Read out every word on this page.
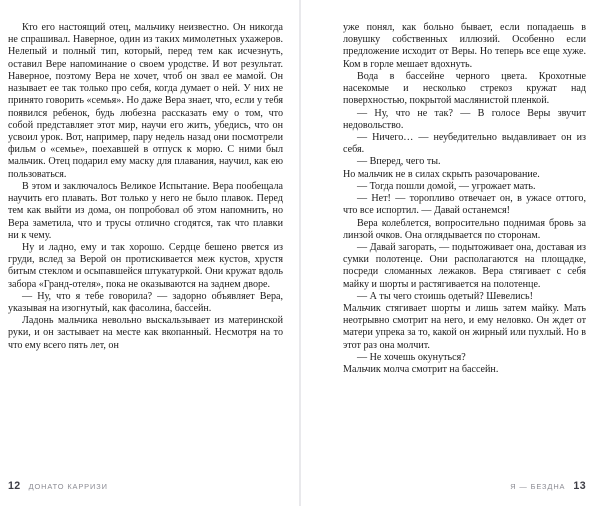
Кто его настоящий отец, мальчику неизвестно. Он никогда не спрашивал. Наверное, один из таких мимолетных ухажеров. Нелепый и полный тип, который, перед тем как исчезнуть, оставил Вере напоминание о своем уродстве. И вот результат. Наверное, поэтому Вера не хочет, чтоб он звал ее мамой. Он называет ее так только про себя, когда думает о ней. У них не принято говорить «семья». Но даже Вера знает, что, если у тебя появился ребенок, будь любезна рассказать ему о том, что собой представляет этот мир, научи его жить, убедись, что он усвоил урок. Вот, например, пару недель назад они посмотрели фильм о «семье», поехавшей в отпуск к морю. С ними был мальчик. Отец подарил ему маску для плавания, научил, как ею пользоваться.

В этом и заключалось Великое Испытание. Вера пообещала научить его плавать. Вот только у него не было плавок. Перед тем как выйти из дома, он попробовал об этом напомнить, но Вера заметила, что и трусы отлично сгодятся, так что плавки ни к чему.

Ну и ладно, ему и так хорошо. Сердце бешено рвется из груди, вслед за Верой он протискивается меж кустов, хрустя битым стеклом и осыпавшейся штукатуркой. Они кружат вдоль забора «Гранд-отеля», пока не оказываются на заднем дворе.

— Ну, что я тебе говорила? — задорно объявляет Вера, указывая на изогнутый, как фасолина, бассейн.

Ладонь мальчика невольно выскальзывает из материнской руки, и он застывает на месте как вкопанный. Несмотря на то что ему всего пять лет, он

12 ДОНАТО КАРРИЗИ

уже понял, как больно бывает, если попадаешь в ловушку собственных иллюзий. Особенно если предложение исходит от Веры. Но теперь все еще хуже. Ком в горле мешает вдохнуть.

Вода в бассейне черного цвета. Крохотные насекомые и несколько стрекоз кружат над поверхностью, покрытой маслянистой пленкой.

— Ну, что не так? — В голосе Веры звучит недовольство.

— Ничего… — неубедительно выдавливает он из себя.

— Вперед, чего ты.

Но мальчик не в силах скрыть разочарование.

— Тогда пошли домой, — угрожает мать.

— Нет! — торопливо отвечает он, в ужасе оттого, что все испортил. — Давай останемся!

Вера колеблется, вопросительно поднимая бровь за линзой очков. Она оглядывается по сторонам.

— Давай загорать, — подытоживает она, доставая из сумки полотенце. Они располагаются на площадке, посреди сломанных лежаков. Вера стягивает с себя майку и шорты и растягивается на полотенце.

— А ты чего стоишь одетый? Шевелись!

Мальчик стягивает шорты и лишь затем майку. Мать неотрывно смотрит на него, и ему неловко. Он ждет от матери упрека за то, какой он жирный или пухлый. Но в этот раз она молчит.

— Не хочешь окунуться?

Мальчик молча смотрит на бассейн.

Я — БЕЗДНА 13
